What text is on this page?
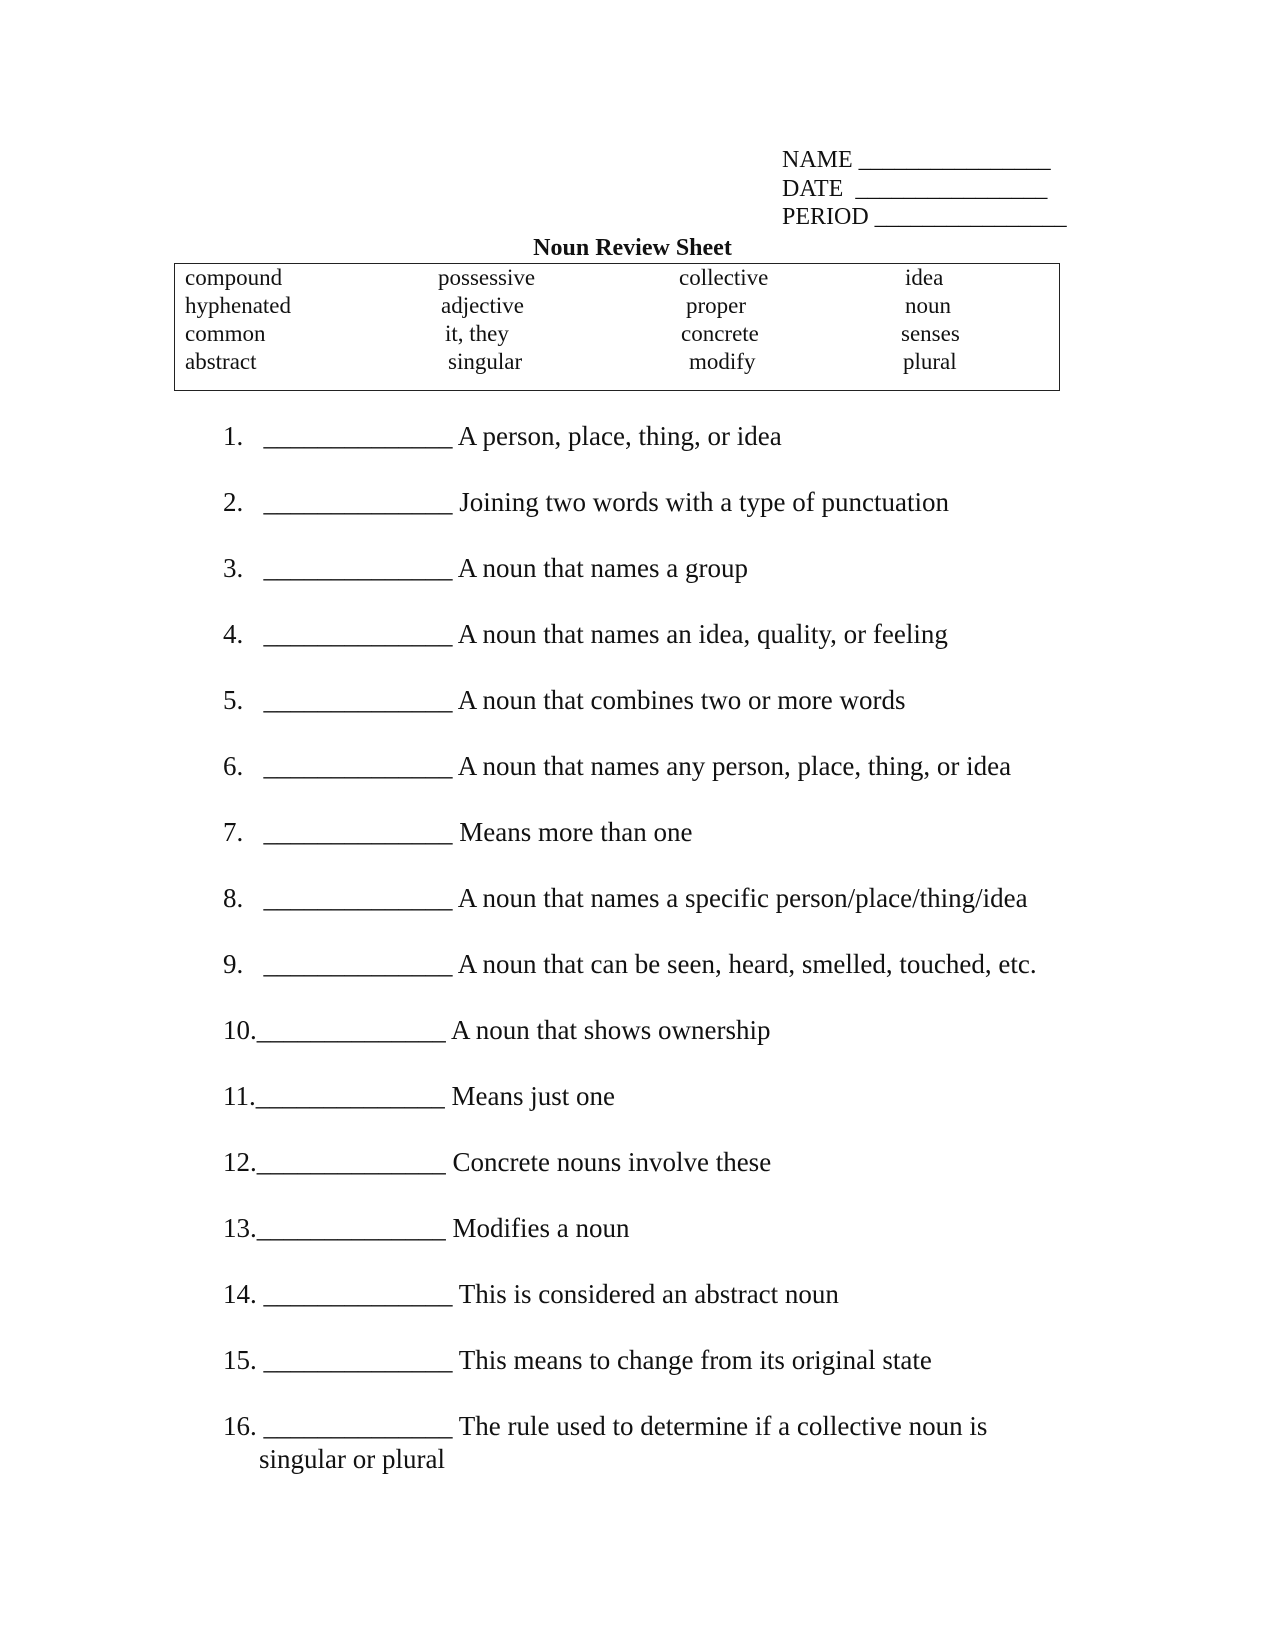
NAME ________________
DATE  ________________
PERIOD ________________
Noun Review Sheet
compound
hyphenated
common
abstract
possessive
adjective
it, they
singular
collective
proper
concrete
modify
idea
noun
senses
plural
1.   ______________ A person, place, thing, or idea
2.   ______________ Joining two words with a type of punctuation
3.   ______________ A noun that names a group
4.   ______________ A noun that names an idea, quality, or feeling
5.   ______________ A noun that combines two or more words
6.   ______________ A noun that names any person, place, thing, or idea
7.   ______________ Means more than one
8.   ______________ A noun that names a specific person/place/thing/idea
9.   ______________ A noun that can be seen, heard, smelled, touched, etc.
10.______________ A noun that shows ownership
11.______________ Means just one
12.______________ Concrete nouns involve these
13.______________ Modifies a noun
14. ______________ This is considered an abstract noun
15. ______________ This means to change from its original state
16. ______________ The rule used to determine if a collective noun is
singular or plural
